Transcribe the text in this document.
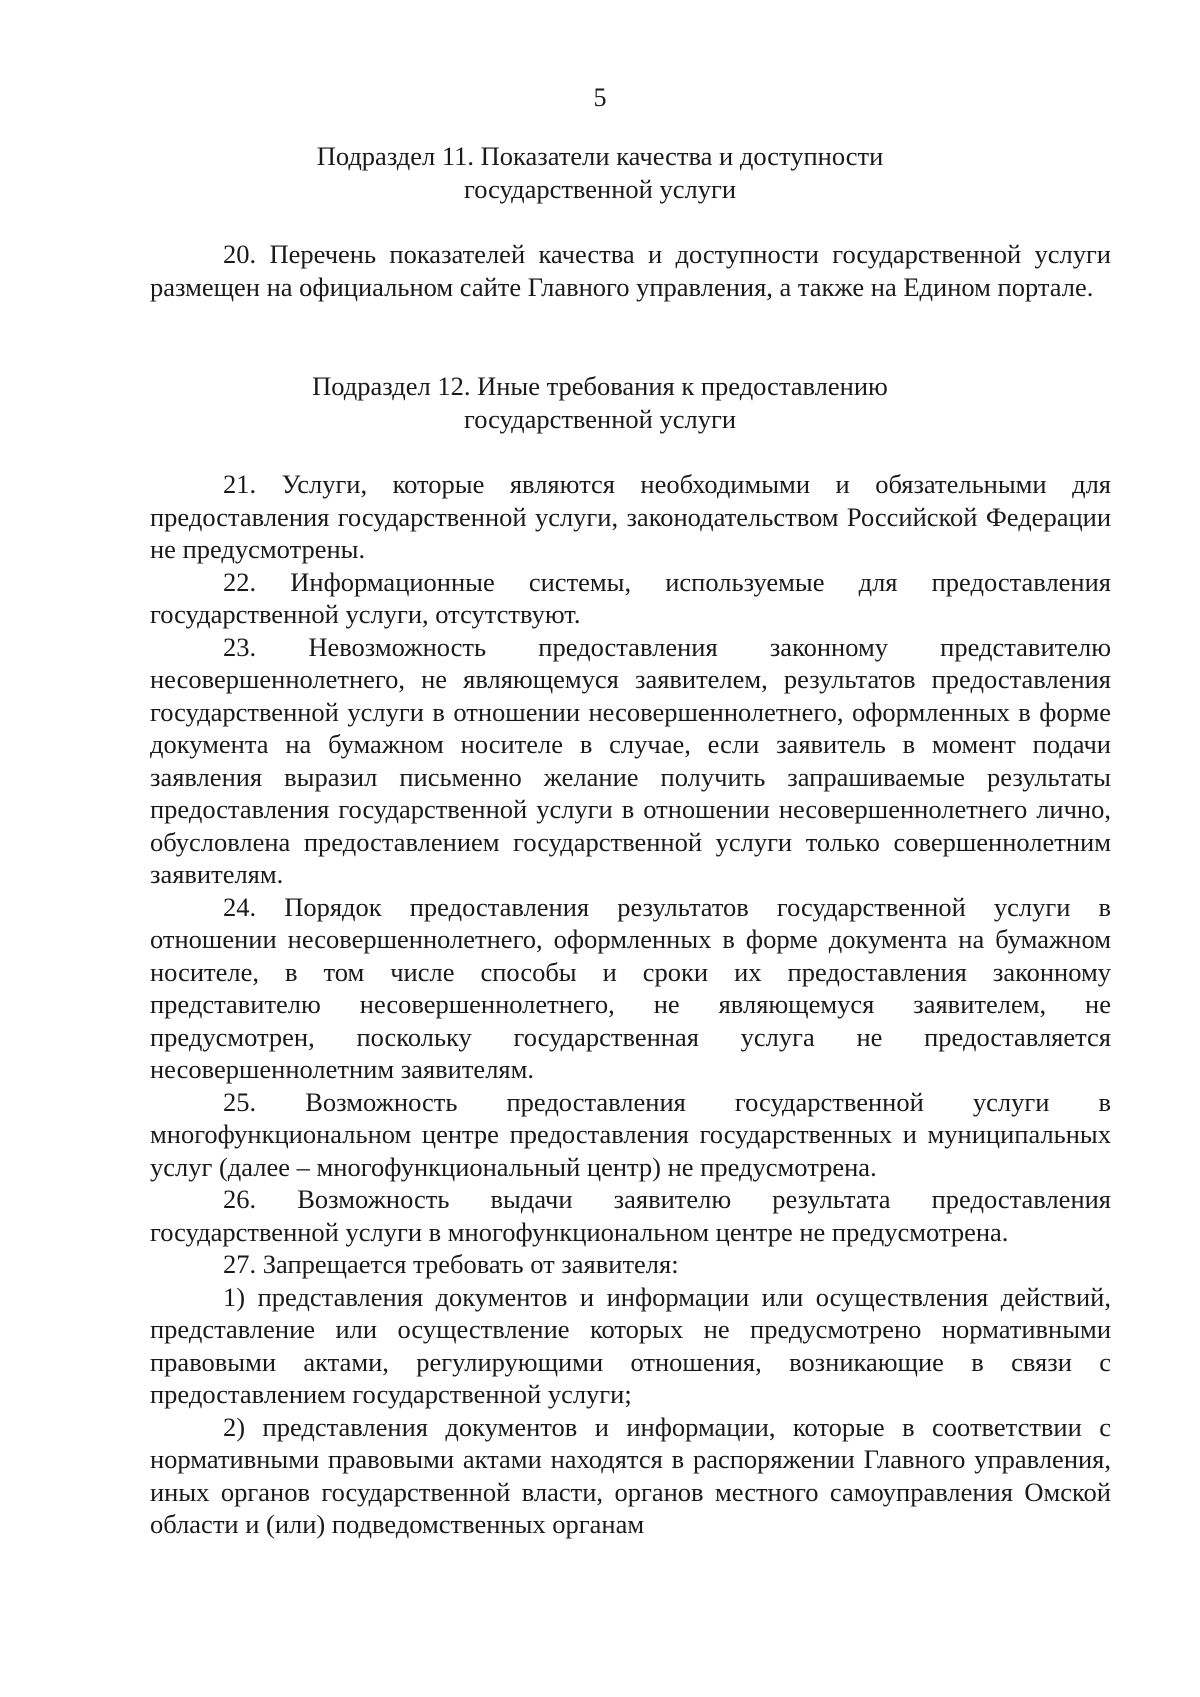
5
Подраздел 11. Показатели качества и доступности
государственной услуги

20. Перечень показателей качества и доступности государственной услуги размещен на официальном сайте Главного управления, а также на Едином портале.

Подраздел 12. Иные требования к предоставлению
государственной услуги

21. Услуги, которые являются необходимыми и обязательными для предоставления государственной услуги, законодательством Российской Федерации не предусмотрены.

22. Информационные системы, используемые для предоставления государственной услуги, отсутствуют.

23. Невозможность предоставления законному представителю несовершеннолетнего, не являющемуся заявителем, результатов предоставления государственной услуги в отношении несовершеннолетнего, оформленных в форме документа на бумажном носителе в случае, если заявитель в момент подачи заявления выразил письменно желание получить запрашиваемые результаты предоставления государственной услуги в отношении несовершеннолетнего лично, обусловлена предоставлением государственной услуги только совершеннолетним заявителям.

24. Порядок предоставления результатов государственной услуги в отношении несовершеннолетнего, оформленных в форме документа на бумажном носителе, в том числе способы и сроки их предоставления законному представителю несовершеннолетнего, не являющемуся заявителем, не предусмотрен, поскольку государственная услуга не предоставляется несовершеннолетним заявителям.

25. Возможность предоставления государственной услуги в многофункциональном центре предоставления государственных и муниципальных услуг (далее – многофункциональный центр) не предусмотрена.

26. Возможность выдачи заявителю результата предоставления государственной услуги в многофункциональном центре не предусмотрена.

27. Запрещается требовать от заявителя:

1) представления документов и информации или осуществления действий, представление или осуществление которых не предусмотрено нормативными правовыми актами, регулирующими отношения, возникающие в связи с предоставлением государственной услуги;

2) представления документов и информации, которые в соответствии с нормативными правовыми актами находятся в распоряжении Главного управления, иных органов государственной власти, органов местного самоуправления Омской области и (или) подведомственных органам
